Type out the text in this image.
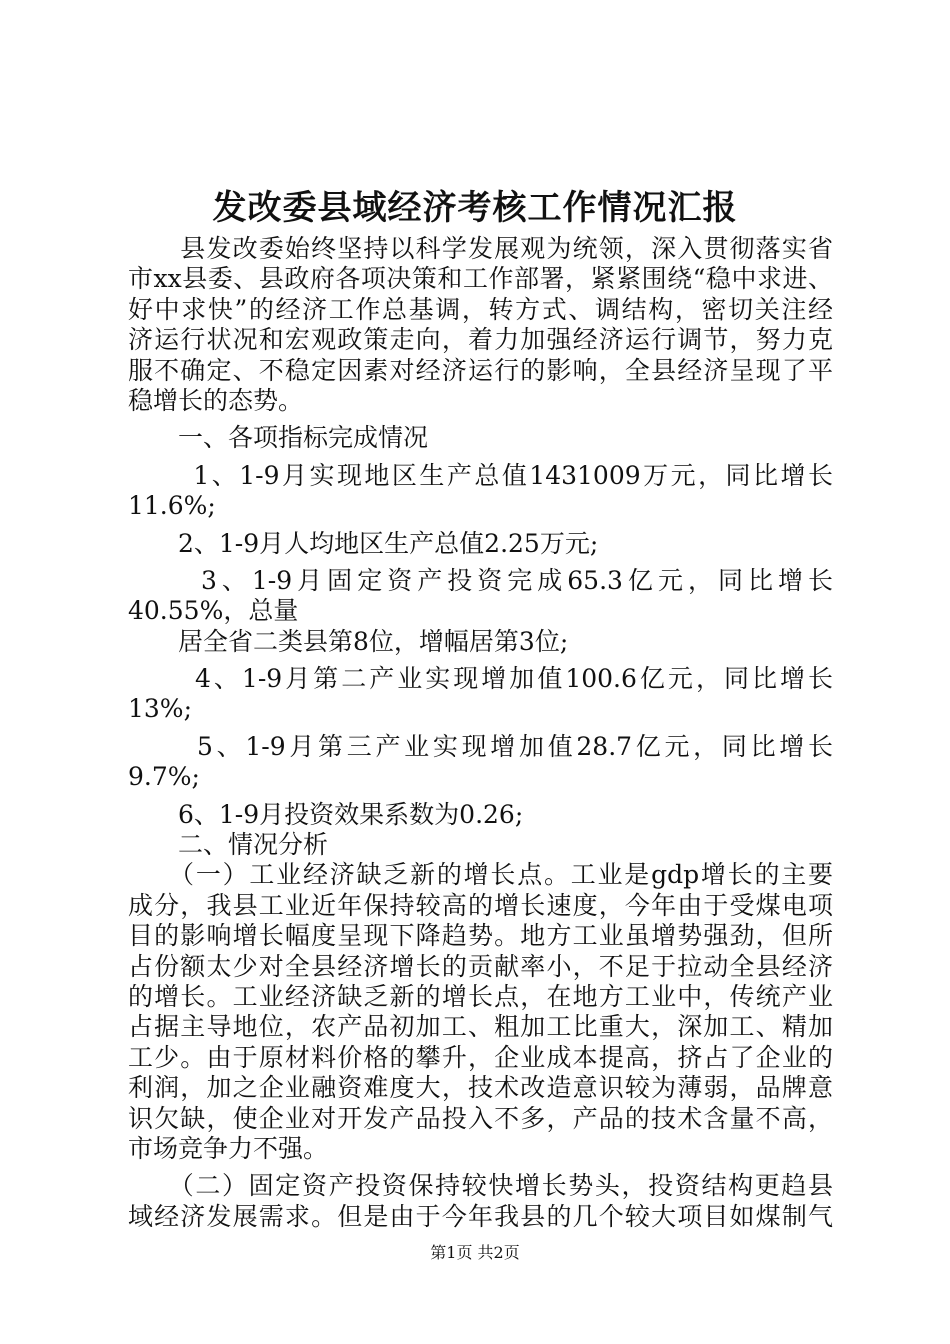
发改委县域经济考核工作情况汇报
　　县发改委始终坚持以科学发展观为统领，深入贯彻落实省
市xx县委、县政府各项决策和工作部署，紧紧围绕“稳中求进、
好中求快”的经济工作总基调，转方式、调结构，密切关注经
济运行状况和宏观政策走向，着力加强经济运行调节，努力克
服不确定、不稳定因素对经济运行的影响，全县经济呈现了平
稳增长的态势。
　　一、各项指标完成情况
　　 1、1-9月实现地区生产总值1431009万元，同比增长
11.6%;
　　2、1-9月人均地区生产总值2.25万元;
　　 3、1-9月固定资产投资完成65.3亿元，同比增长
40.55%，总量
　　居全省二类县第8位，增幅居第3位;
　　 4、1-9月第二产业实现增加值100.6亿元，同比增长
13%;
　　 5、1-9月第三产业实现增加值28.7亿元，同比增长
9.7%;
　　6、1-9月投资效果系数为0.26;
　　二、情况分析
　　（一）工业经济缺乏新的增长点。工业是gdp增长的主要
成分，我县工业近年保持较高的增长速度，今年由于受煤电项
目的影响增长幅度呈现下降趋势。地方工业虽增势强劲，但所
占份额太少对全县经济增长的贡献率小，不足于拉动全县经济
的增长。工业经济缺乏新的增长点，在地方工业中，传统产业
占据主导地位，农产品初加工、粗加工比重大，深加工、精加
工少。由于原材料价格的攀升，企业成本提高，挤占了企业的
利润，加之企业融资难度大，技术改造意识较为薄弱，品牌意
识欠缺，使企业对开发产品投入不多，产品的技术含量不高，
市场竞争力不强。
　　（二）固定资产投资保持较快增长势头，投资结构更趋县
域经济发展需求。但是由于今年我县的几个较大项目如煤制气
第1页 共2页
